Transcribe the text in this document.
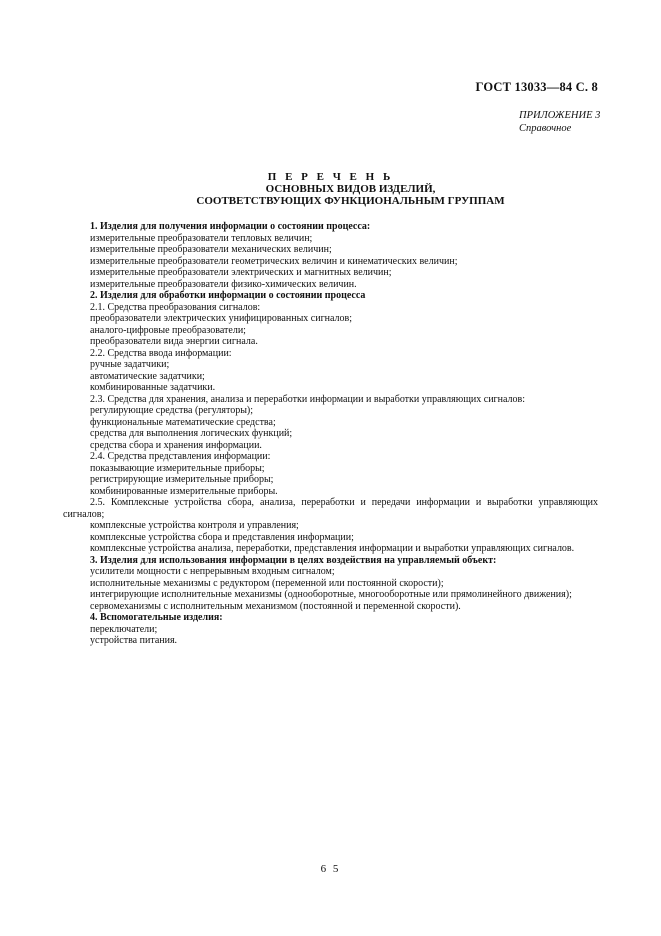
ГОСТ 13033—84 С. 8
ПРИЛОЖЕНИЕ 3
Справочное
П Е Р Е Ч Е Н Ь
ОСНОВНЫХ ВИДОВ ИЗДЕЛИЙ,
СООТВЕТСТВУЮЩИХ ФУНКЦИОНАЛЬНЫМ ГРУППАМ

1. Изделия для получения информации о состоянии процесса:

измерительные преобразователи тепловых величин;

измерительные преобразователи механических величин;

измерительные преобразователи геометрических величин и кинематических величин;

измерительные преобразователи электрических и магнитных величин;

измерительные преобразователи физико-химических величин.

2. Изделия для обработки информации о состоянии процесса

2.1. Средства преобразования сигналов:

преобразователи электрических унифицированных сигналов;

аналого-цифровые преобразователи;

преобразователи вида энергии сигнала.

2.2. Средства ввода информации:

ручные задатчики;

автоматические задатчики;

комбинированные задатчики.

2.3. Средства для хранения, анализа и переработки информации и выработки управляющих сигналов:

регулирующие средства (регуляторы);

функциональные математические средства;

средства для выполнения логических функций;

средства сбора и хранения информации.

2.4. Средства представления информации:

показывающие измерительные приборы;

регистрирующие измерительные приборы;

комбинированные измерительные приборы.

2.5. Комплексные устройства сбора, анализа, переработки и передачи информации и выработки управляющих сигналов;

комплексные устройства контроля и управления;

комплексные устройства сбора и представления информации;

комплексные устройства анализа, переработки, представления информации и выработки управляющих сигналов.

3. Изделия для использования информации в целях воздействия на управляемый объект:

усилители мощности с непрерывным входным сигналом;

исполнительные механизмы с редуктором (переменной или постоянной скорости);

интегрирующие исполнительные механизмы (однооборотные, многооборотные или прямолинейного движения);

сервомеханизмы с исполнительным механизмом (постоянной и переменной скорости).

4. Вспомогательные изделия:

переключатели;

устройства питания.

6 5
